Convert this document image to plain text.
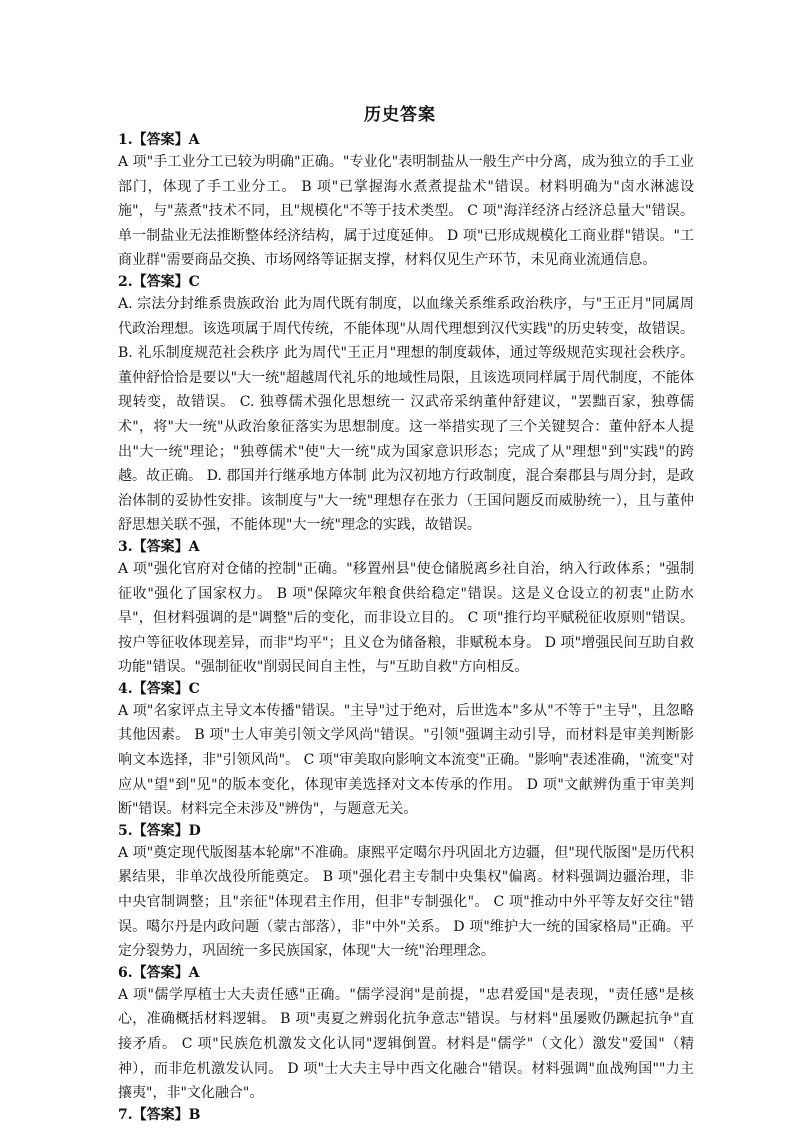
历史答案
1.【答案】A

A 项"手工业分工已较为明确"正确。"专业化"表明制盐从一般生产中分离，成为独立的手工业部门，体现了手工业分工。 B 项"已掌握海水煮煮提盐术"错误。材料明确为"卤水淋滤设施"，与"蒸煮"技术不同，且"规模化"不等于技术类型。 C 项"海洋经济占经济总量大"错误。单一制盐业无法推断整体经济结构，属于过度延伸。 D 项"已形成规模化工商业群"错误。"工商业群"需要商品交换、市场网络等证据支撑，材料仅见生产环节，未见商业流通信息。

2.【答案】C

A. 宗法分封维系贵族政治 此为周代既有制度，以血缘关系维系政治秩序，与"王正月"同属周代政治理想。该选项属于周代传统，不能体现"从周代理想到汉代实践"的历史转变，故错误。 B. 礼乐制度规范社会秩序 此为周代"王正月"理想的制度载体，通过等级规范实现社会秩序。董仲舒恰恰是要以"大一统"超越周代礼乐的地域性局限，且该选项同样属于周代制度，不能体现转变，故错误。 C. 独尊儒术强化思想统一 汉武帝采纳董仲舒建议，"罢黜百家，独尊儒术"，将"大一统"从政治象征落实为思想制度。这一举措实现了三个关键契合：董仲舒本人提出"大一统"理论；"独尊儒术"使"大一统"成为国家意识形态；完成了从"理想"到"实践"的跨越。故正确。 D. 郡国并行继承地方体制 此为汉初地方行政制度，混合秦郡县与周分封，是政治体制的妥协性安排。该制度与"大一统"理想存在张力（王国问题反而威胁统一），且与董仲舒思想关联不强，不能体现"大一统"理念的实践，故错误。

3.【答案】A

A 项"强化官府对仓储的控制"正确。"移置州县"使仓储脱离乡社自治，纳入行政体系；"强制征收"强化了国家权力。 B 项"保障灾年粮食供给稳定"错误。这是义仓设立的初衷"止防水旱"，但材料强调的是"调整"后的变化，而非设立目的。 C 项"推行均平赋税征收原则"错误。按户等征收体现差异，而非"均平"；且义仓为储备粮，非赋税本身。 D 项"增强民间互助自救功能"错误。"强制征收"削弱民间自主性，与"互助自救"方向相反。

4.【答案】C

A 项"名家评点主导文本传播"错误。"主导"过于绝对，后世选本"多从"不等于"主导"，且忽略其他因素。 B 项"士人审美引领文学风尚"错误。"引领"强调主动引导，而材料是审美判断影响文本选择，非"引领风尚"。 C 项"审美取向影响文本流变"正确。"影响"表述准确，"流变"对应从"望"到"见"的版本变化，体现审美选择对文本传承的作用。 D 项"文献辨伪重于审美判断"错误。材料完全未涉及"辨伪"，与题意无关。

5.【答案】D

A 项"奠定现代版图基本轮廓"不准确。康熙平定噶尔丹巩固北方边疆，但"现代版图"是历代积累结果，非单次战役所能奠定。 B 项"强化君主专制中央集权"偏离。材料强调边疆治理，非中央官制调整；且"亲征"体现君主作用，但非"专制强化"。 C 项"推动中外平等友好交往"错误。噶尔丹是内政问题（蒙古部落），非"中外"关系。 D 项"维护大一统的国家格局"正确。平定分裂势力，巩固统一多民族国家，体现"大一统"治理理念。

6.【答案】A

A 项"儒学厚植士大夫责任感"正确。"儒学浸润"是前提，"忠君爱国"是表现，"责任感"是核心，准确概括材料逻辑。 B 项"夷夏之辨弱化抗争意志"错误。与材料"虽屡败仍蹶起抗争"直接矛盾。 C 项"民族危机激发文化认同"逻辑倒置。材料是"儒学"（文化）激发"爱国"（精神），而非危机激发认同。 D 项"士大夫主导中西文化融合"错误。材料强调"血战殉国""力主攘夷"，非"文化融合"。

7.【答案】B
